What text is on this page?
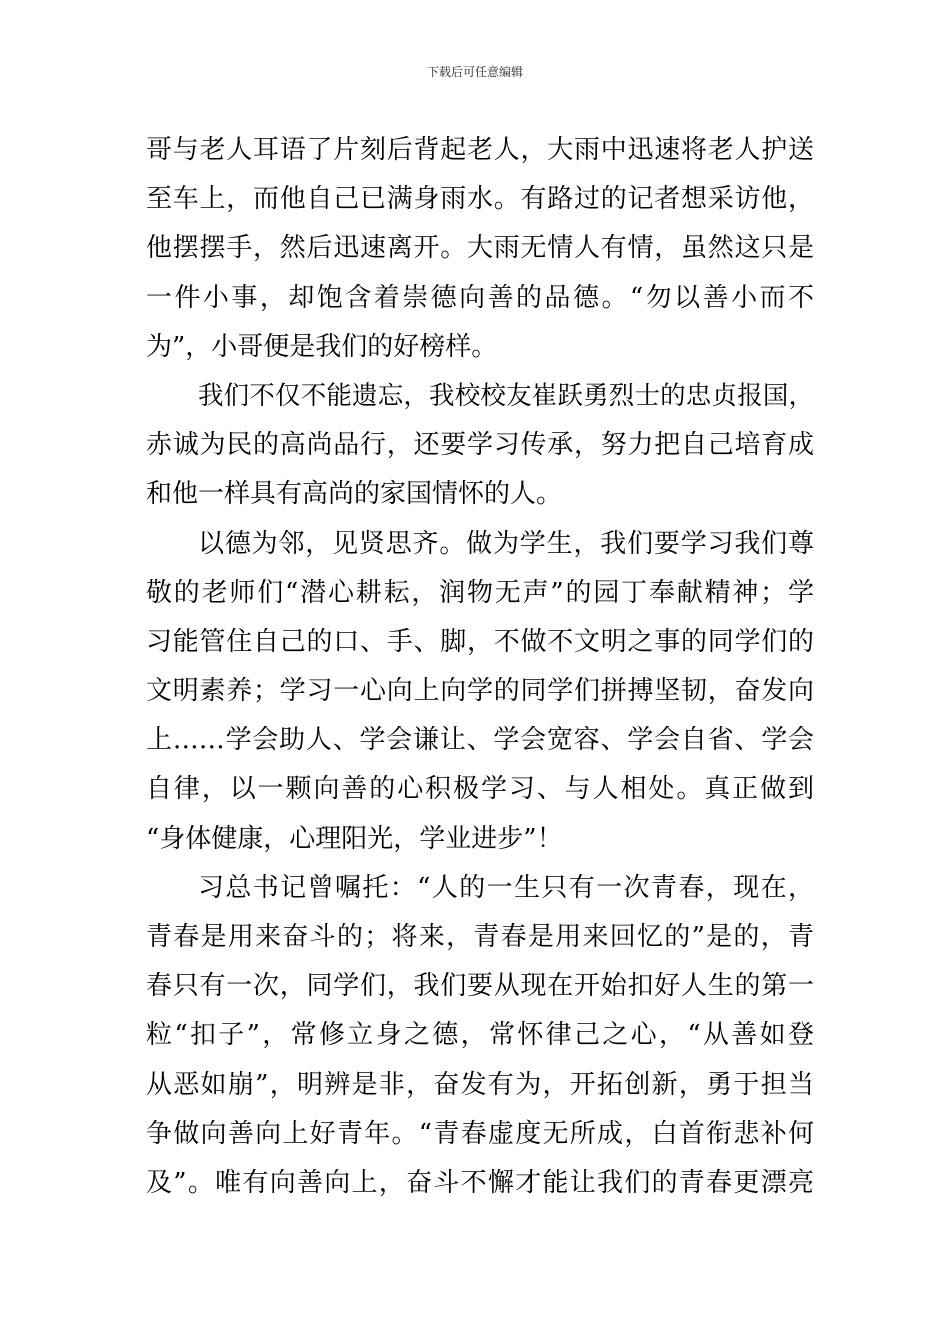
下载后可任意编辑
哥与老人耳语了片刻后背起老人，大雨中迅速将老人护送
至车上，而他自己已满身雨水。有路过的记者想采访他，
他摆摆手，然后迅速离开。大雨无情人有情，虽然这只是
一件小事，却饱含着崇德向善的品德。“勿以善小而不
为”，小哥便是我们的好榜样。
我们不仅不能遗忘，我校校友崔跃勇烈士的忠贞报国，
赤诚为民的高尚品行，还要学习传承，努力把自己培育成
和他一样具有高尚的家国情怀的人。
以德为邻，见贤思齐。做为学生，我们要学习我们尊
敬的老师们“潜心耕耘，润物无声”的园丁奉献精神；学
习能管住自己的口、手、脚，不做不文明之事的同学们的
文明素养；学习一心向上向学的同学们拼搏坚韧，奋发向
上……学会助人、学会谦让、学会宽容、学会自省、学会
自律，以一颗向善的心积极学习、与人相处。真正做到
“身体健康，心理阳光，学业进步”！
习总书记曾嘱托：“人的一生只有一次青春，现在，
青春是用来奋斗的；将来，青春是用来回忆的”是的，青
春只有一次，同学们，我们要从现在开始扣好人生的第一
粒“扣子”，常修立身之德，常怀律己之心，“从善如登
从恶如崩”，明辨是非，奋发有为，开拓创新，勇于担当
争做向善向上好青年。“青春虚度无所成，白首衔悲补何
及”。唯有向善向上，奋斗不懈才能让我们的青春更漂亮
